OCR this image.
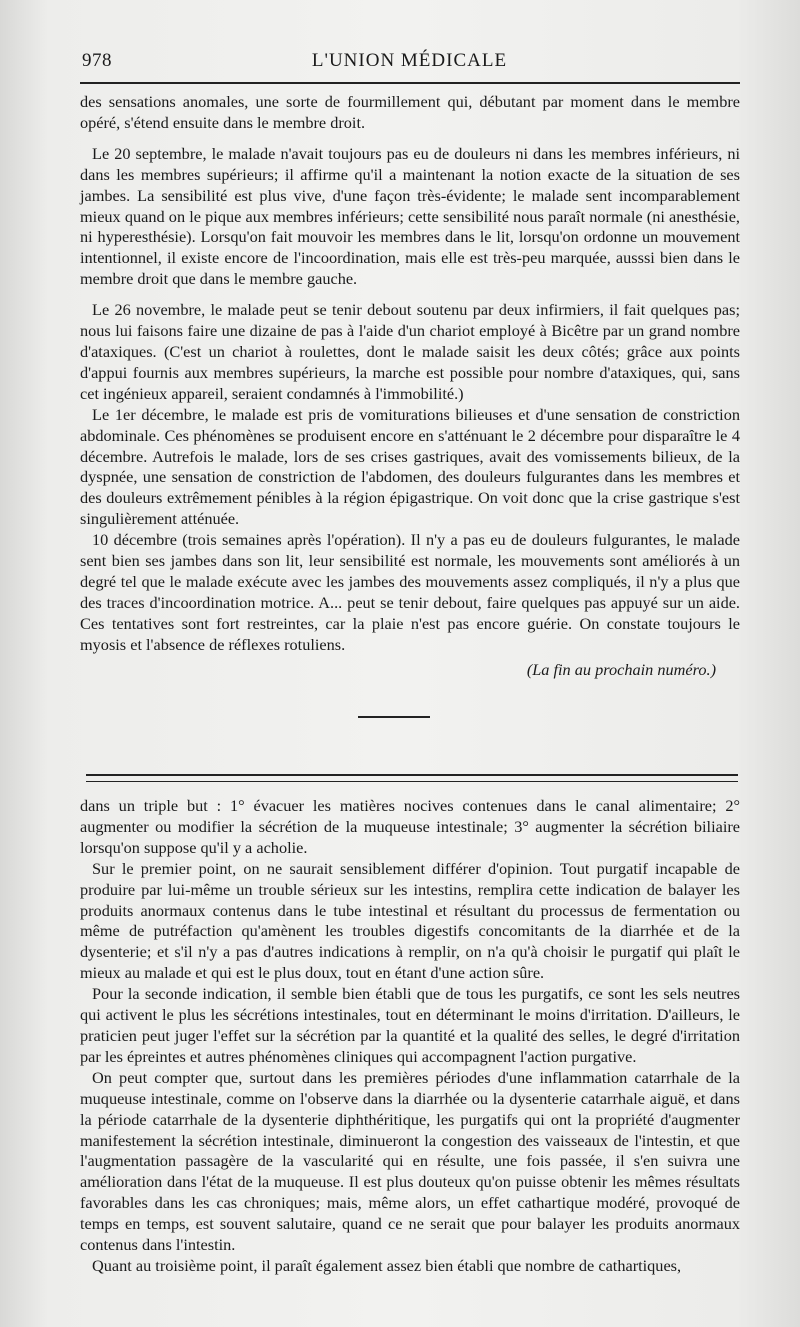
978	L'UNION MÉDICALE

des sensations anomales, une sorte de fourmillement qui, débutant par moment dans le membre opéré, s'étend ensuite dans le membre droit.

Le 20 septembre, le malade n'avait toujours pas eu de douleurs ni dans les membres inférieurs, ni dans les membres supérieurs; il affirme qu'il a maintenant la notion exacte de la situation de ses jambes. La sensibilité est plus vive, d'une façon très-évidente; le malade sent incomparablement mieux quand on le pique aux membres inférieurs; cette sensibilité nous paraît normale (ni anesthésie, ni hyperesthésie). Lorsqu'on fait mouvoir les membres dans le lit, lorsqu'on ordonne un mouvement intentionnel, il existe encore de l'incoordination, mais elle est très-peu marquée, ausssi bien dans le membre droit que dans le membre gauche.

Le 26 novembre, le malade peut se tenir debout soutenu par deux infirmiers, il fait quelques pas; nous lui faisons faire une dizaine de pas à l'aide d'un chariot employé à Bicêtre par un grand nombre d'ataxiques. (C'est un chariot à roulettes, dont le malade saisit les deux côtés; grâce aux points d'appui fournis aux membres supérieurs, la marche est possible pour nombre d'ataxiques, qui, sans cet ingénieux appareil, seraient condamnés à l'immobilité.)

Le 1er décembre, le malade est pris de vomiturations bilieuses et d'une sensation de constriction abdominale. Ces phénomènes se produisent encore en s'atténuant le 2 décembre pour disparaître le 4 décembre. Autrefois le malade, lors de ses crises gastriques, avait des vomissements bilieux, de la dyspnée, une sensation de constriction de l'abdomen, des douleurs fulgurantes dans les membres et des douleurs extrêmement pénibles à la région épigastrique. On voit donc que la crise gastrique s'est singulièrement atténuée.

10 décembre (trois semaines après l'opération). Il n'y a pas eu de douleurs fulgurantes, le malade sent bien ses jambes dans son lit, leur sensibilité est normale, les mouvements sont améliorés à un degré tel que le malade exécute avec les jambes des mouvements assez compliqués, il n'y a plus que des traces d'incoordination motrice. A... peut se tenir debout, faire quelques pas appuyé sur un aide. Ces tentatives sont fort restreintes, car la plaie n'est pas encore guérie. On constate toujours le myosis et l'absence de réflexes rotuliens.

(La fin au prochain numéro.)

dans un triple but : 1° évacuer les matières nocives contenues dans le canal alimentaire; 2° augmenter ou modifier la sécrétion de la muqueuse intestinale; 3° augmenter la sécrétion biliaire lorsqu'on suppose qu'il y a acholie.

Sur le premier point, on ne saurait sensiblement différer d'opinion. Tout purgatif incapable de produire par lui-même un trouble sérieux sur les intestins, remplira cette indication de balayer les produits anormaux contenus dans le tube intestinal et résultant du processus de fermentation ou même de putréfaction qu'amènent les troubles digestifs concomitants de la diarrhée et de la dysenterie; et s'il n'y a pas d'autres indications à remplir, on n'a qu'à choisir le purgatif qui plaît le mieux au malade et qui est le plus doux, tout en étant d'une action sûre.

Pour la seconde indication, il semble bien établi que de tous les purgatifs, ce sont les sels neutres qui activent le plus les sécrétions intestinales, tout en déterminant le moins d'irritation. D'ailleurs, le praticien peut juger l'effet sur la sécrétion par la quantité et la qualité des selles, le degré d'irritation par les épreintes et autres phénomènes cliniques qui accompagnent l'action purgative.

On peut compter que, surtout dans les premières périodes d'une inflammation catarrhale de la muqueuse intestinale, comme on l'observe dans la diarrhée ou la dysenterie catarrhale aiguë, et dans la période catarrhale de la dysenterie diphthéritique, les purgatifs qui ont la propriété d'augmenter manifestement la sécrétion intestinale, diminueront la congestion des vaisseaux de l'intestin, et que l'augmentation passagère de la vascularité qui en résulte, une fois passée, il s'en suivra une amélioration dans l'état de la muqueuse. Il est plus douteux qu'on puisse obtenir les mêmes résultats favorables dans les cas chroniques; mais, même alors, un effet cathartique modéré, provoqué de temps en temps, est souvent salutaire, quand ce ne serait que pour balayer les produits anormaux contenus dans l'intestin.

Quant au troisième point, il paraît également assez bien établi que nombre de cathartiques,
